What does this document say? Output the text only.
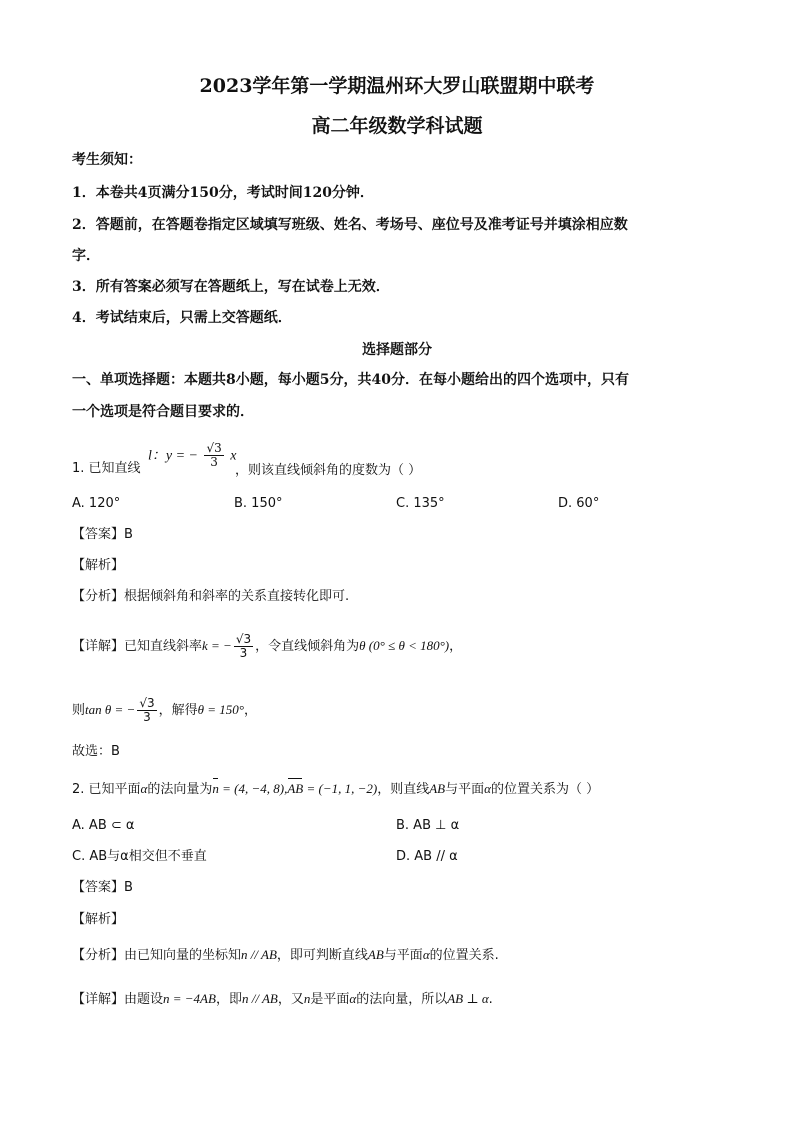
2023学年第一学期温州环大罗山联盟期中联考
高二年级数学科试题
考生须知：
1．本卷共4页满分150分，考试时间120分钟．
2．答题前，在答题卷指定区域填写班级、姓名、考场号、座位号及准考证号并填涂相应数
字．
3．所有答案必须写在答题纸上，写在试卷上无效．
4．考试结束后，只需上交答题纸．
选择题部分
一、单项选择题：本题共8小题，每小题5分，共40分．在每小题给出的四个选项中，只有
一个选项是符合题目要求的．
1. 已知直线
l：y = − √ $\frac{3}{3}$ x
，则该直线倾斜角的度数为（ ）
A. 120°	B. 150°	C. 135°	D. 60°
【答案】B
【解析】
【分析】根据倾斜角和斜率的关系直接转化即可.
【详解】已知直线斜率k = − √ $\frac{3}{3}$ ，令直线倾斜角为θ (0° ≤ θ < 180°)，
则tan θ = − √ $\frac{3}{3}$ ，解得θ = 150°，
故选：B
2. 已知平面α的法向量为n = (4, −4, 8),AB = (−1, 1, −2)，则直线AB与平面α的位置关系为（ ）
A. AB ⊂ α	B. AB ⊥ α
C. AB与α相交但不垂直	D. AB // α
【答案】B
【解析】
【分析】由已知向量的坐标知n // AB，即可判断直线AB与平面α的位置关系.
【详解】由题设n = −4AB，即n // AB，又n是平面α的法向量，所以AB ⊥ α.
